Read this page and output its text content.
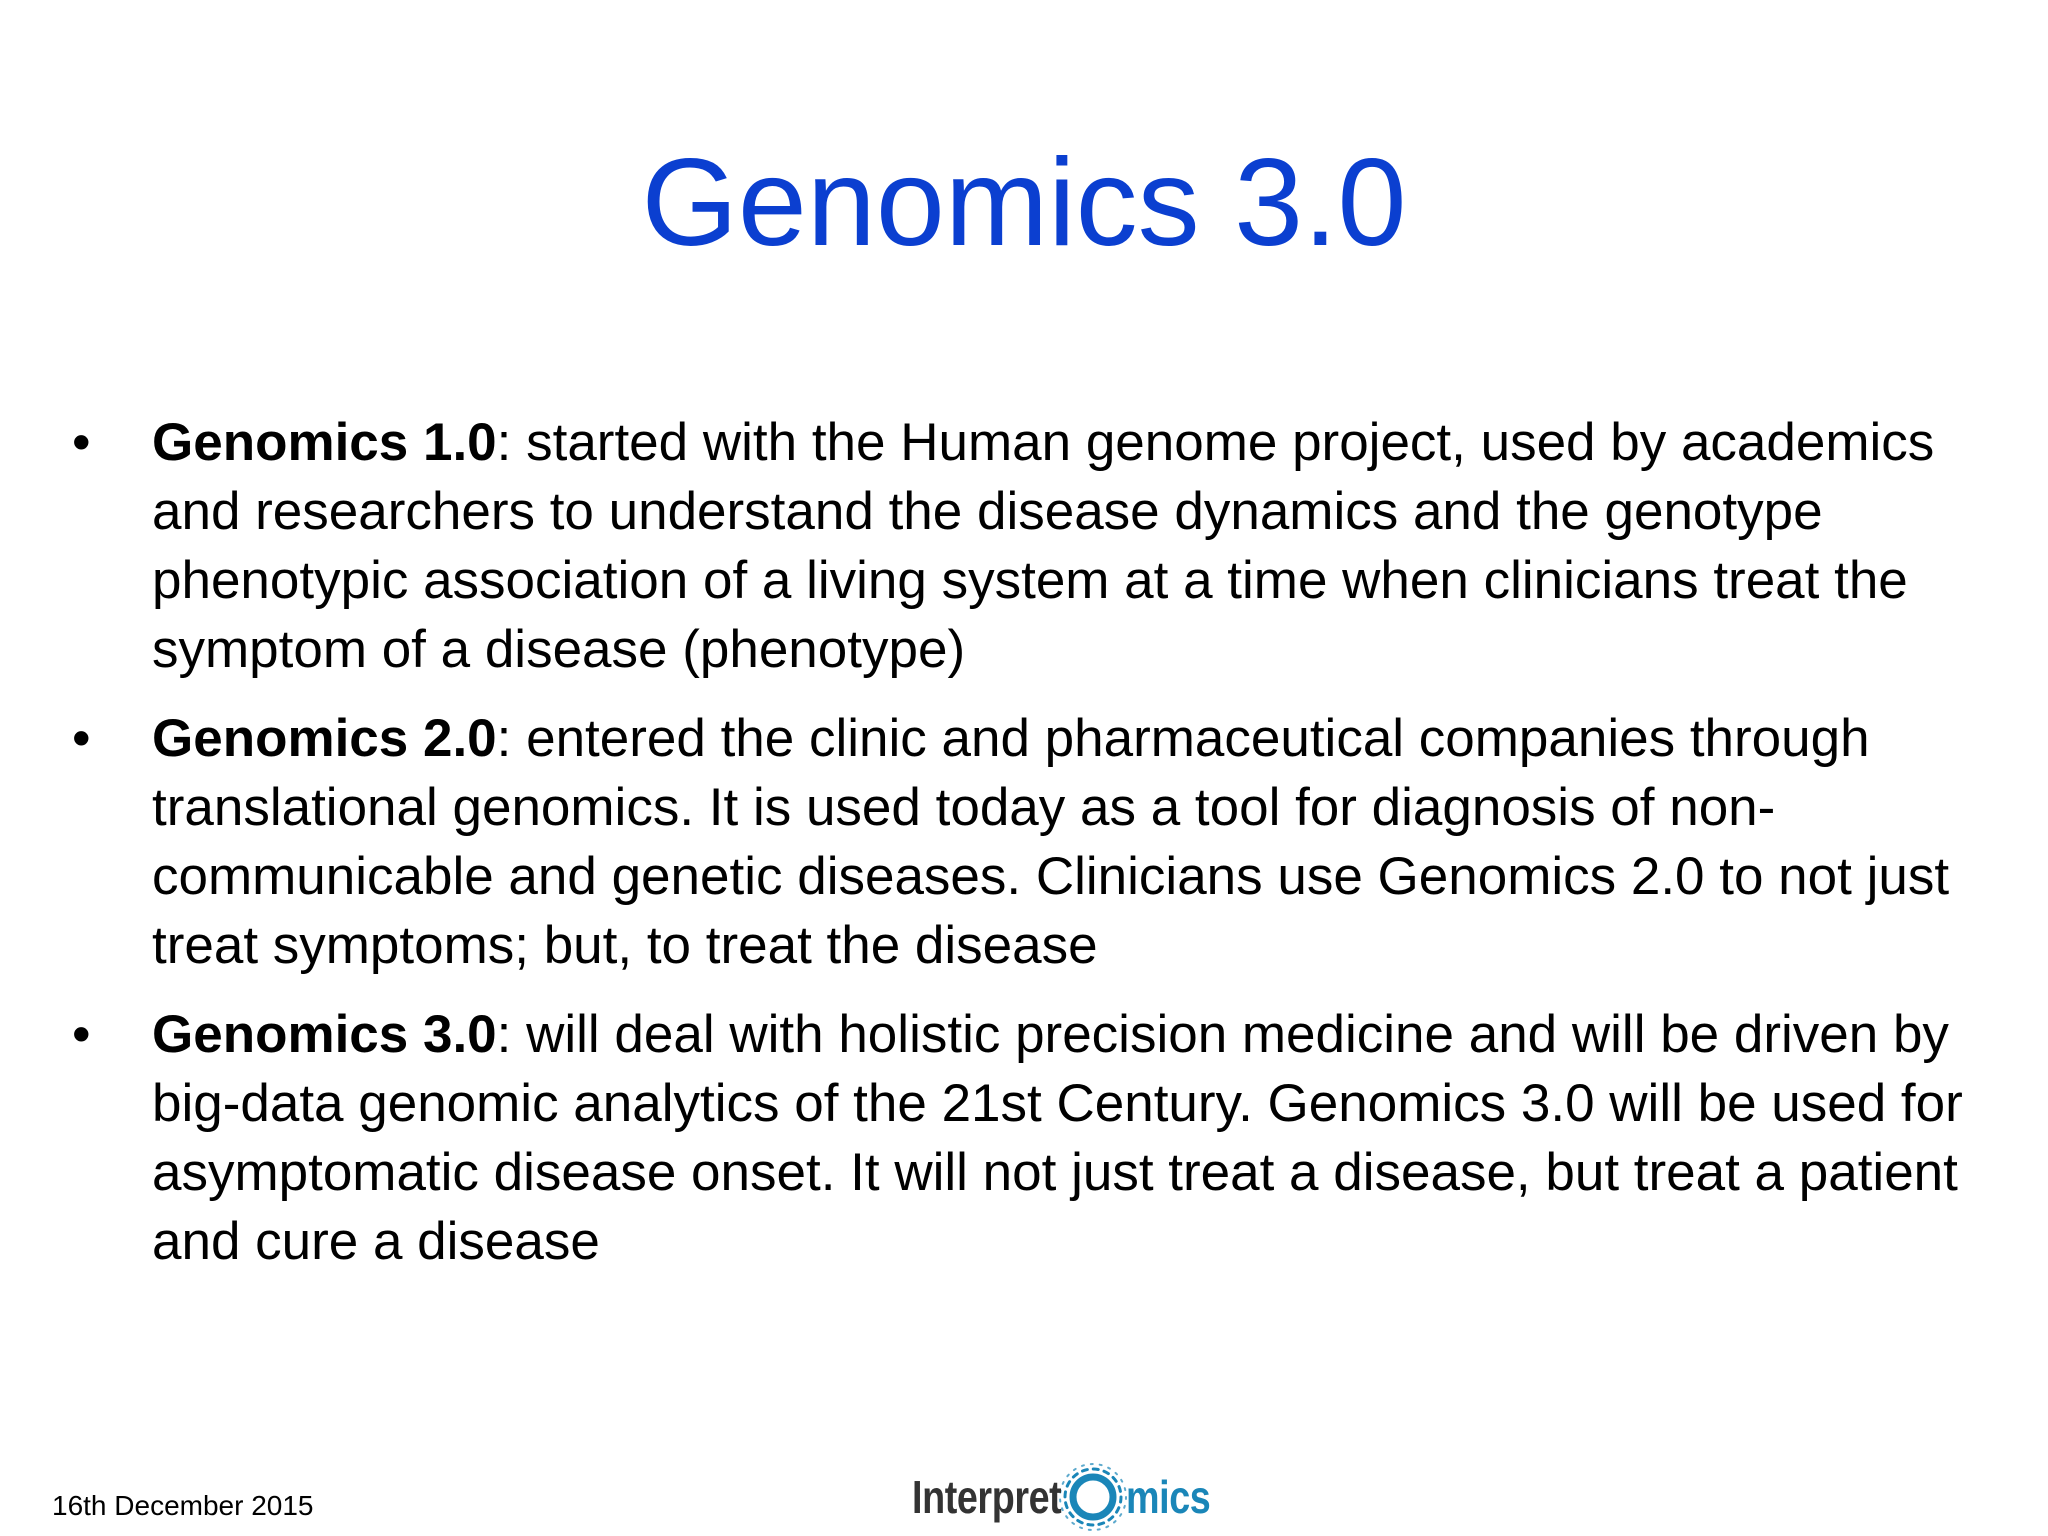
Genomics 3.0
•	Genomics 1.0: started with the Human genome project, used by academics and researchers to understand the disease dynamics and the genotype phenotypic association of a living system at a time when clinicians treat the symptom of a disease (phenotype)
•	Genomics 2.0: entered the clinic and pharmaceutical companies through translational genomics. It is used today as a tool for diagnosis of non-communicable and genetic diseases. Clinicians use Genomics 2.0 to not just treat symptoms; but, to treat the disease
•	Genomics 3.0: will deal with holistic precision medicine and will be driven by big-data genomic analytics of the 21st Century. Genomics 3.0 will be used for asymptomatic disease onset. It will not just treat a disease, but treat a patient and cure a disease
16th December 2015	Interpret mics
